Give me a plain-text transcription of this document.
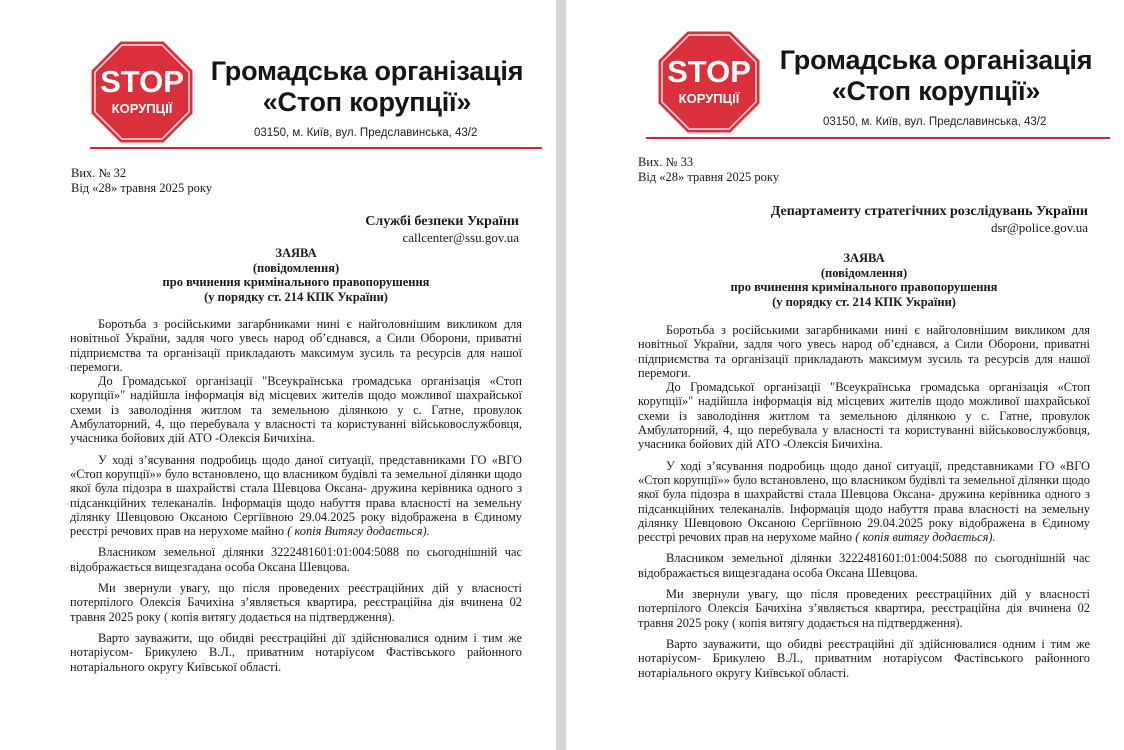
STOP
КОРУПЦІЇ
Громадська організація
«Стоп корупції»
03150, м. Київ, вул. Предславинська, 43/2
Вих. № 32
Від «28» травня 2025 року
Службі безпеки України
callcenter@ssu.gov.ua
ЗАЯВА
(повідомлення)
про вчинення кримінального правопорушення
(у порядку ст. 214 КПК України)

Боротьба з російськими загарбниками нині є найголовнішим викликом для новітньої України, задля чого увесь народ об’єднався, а Сили Оборони, приватні підприємства та організації прикладають максимум зусиль та ресурсів для нашої перемоги.

До Громадської організації "Всеукраїнська громадська організація «Стоп корупції»" надійшла інформація від місцевих жителів щодо можливої шахрайської схеми із заволодіння житлом та земельною ділянкою у с. Гатне, провулок Амбулаторний, 4, що перебувала у власності та користуванні військовослужбовця, учасника бойових дій АТО -Олексія Бичихіна.

У ході з’ясування подробиць щодо даної ситуації, представниками ГО «ВГО «Стоп корупції»» було встановлено, що власником будівлі та земельної ділянки щодо якої була підозра в шахрайстві стала Шевцова Оксана- дружина керівника одного з підсанкційних телеканалів. Інформація щодо набуття права власності на земельну ділянку Шевцовою Оксаною Сергіївною 29.04.2025 року відображена в Єдиному реєстрі речових прав на нерухоме майно ( копія Витягу додається).

Власником земельної ділянки 3222481601:01:004:5088 по сьогоднішній час відображається вищезгадана особа Оксана Шевцова.

Ми звернули увагу, що після проведених реєстраційних дій у власності потерпілого Олексія Бачихіна з’являється квартира, реєстраційна дія вчинена 02 травня 2025 року ( копія витягу додається на підтвердження).

Варто зауважити, що обидві реєстраційні дії здійснювалися одним і тим же нотаріусом- Брикулею В.Л., приватним нотаріусом Фастівського районного нотаріального округу Київської області.

STOP
КОРУПЦІЇ
Громадська організація
«Стоп корупції»
03150, м. Київ, вул. Предславинська, 43/2
Вих. № 33
Від «28» травня 2025 року
Департаменту стратегічних розслідувань України
dsr@police.gov.ua
ЗАЯВА
(повідомлення)
про вчинення кримінального правопорушення
(у порядку ст. 214 КПК України)

Боротьба з російськими загарбниками нині є найголовнішим викликом для новітньої України, задля чого увесь народ об’єднався, а Сили Оборони, приватні підприємства та організації прикладають максимум зусиль та ресурсів для нашої перемоги.

До Громадської організації "Всеукраїнська громадська організація «Стоп корупції»" надійшла інформація від місцевих жителів щодо можливої шахрайської схеми із заволодіння житлом та земельною ділянкою у с. Гатне, провулок Амбулаторний, 4, що перебувала у власності та користуванні військовослужбовця, учасника бойових дій АТО -Олексія Бичихіна.

У ході з’ясування подробиць щодо даної ситуації, представниками ГО «ВГО «Стоп корупції»» було встановлено, що власником будівлі та земельної ділянки щодо якої була підозра в шахрайстві стала Шевцова Оксана- дружина керівника одного з підсанкційних телеканалів. Інформація щодо набуття права власності на земельну ділянку Шевцовою Оксаною Сергіївною 29.04.2025 року відображена в Єдиному реєстрі речових прав на нерухоме майно ( копія витягу додається).

Власником земельної ділянки 3222481601:01:004:5088 по сьогоднішній час відображається вищезгадана особа Оксана Шевцова.

Ми звернули увагу, що після проведених реєстраційних дій у власності потерпілого Олексія Бачихіна з’являється квартира, реєстраційна дія вчинена 02 травня 2025 року ( копія витягу додається на підтвердження).

Варто зауважити, що обидві реєстраційні дії здійснювалися одним і тим же нотаріусом- Брикулею В.Л., приватним нотаріусом Фастівського районного нотаріального округу Київської області.
